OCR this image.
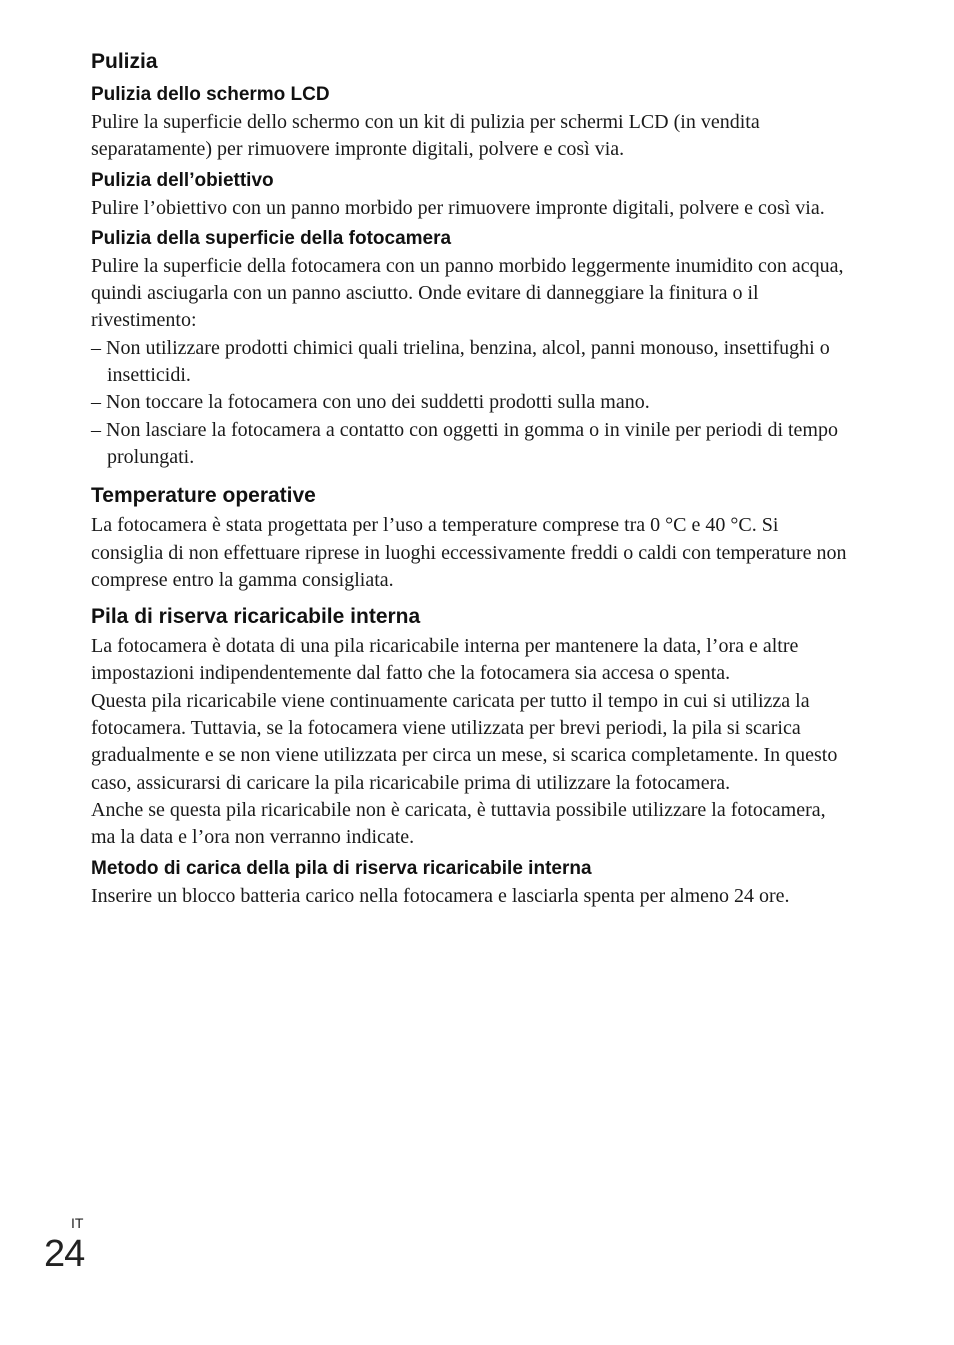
Pulizia
Pulizia dello schermo LCD

Pulire la superficie dello schermo con un kit di pulizia per schermi LCD (in vendita separatamente) per rimuovere impronte digitali, polvere e così via.

Pulizia dell’obiettivo

Pulire l’obiettivo con un panno morbido per rimuovere impronte digitali, polvere e così via.

Pulizia della superficie della fotocamera

Pulire la superficie della fotocamera con un panno morbido leggermente inumidito con acqua, quindi asciugarla con un panno asciutto. Onde evitare di danneggiare la finitura o il rivestimento:

– Non utilizzare prodotti chimici quali trielina, benzina, alcol, panni monouso, insettifughi o insetticidi.
– Non toccare la fotocamera con uno dei suddetti prodotti sulla mano.
– Non lasciare la fotocamera a contatto con oggetti in gomma o in vinile per periodi di tempo prolungati.
Temperature operative

La fotocamera è stata progettata per l’uso a temperature comprese tra 0 °C e 40 °C. Si consiglia di non effettuare riprese in luoghi eccessivamente freddi o caldi con temperature non comprese entro la gamma consigliata.

Pila di riserva ricaricabile interna

La fotocamera è dotata di una pila ricaricabile interna per mantenere la data, l’ora e altre impostazioni indipendentemente dal fatto che la fotocamera sia accesa o spenta.

Questa pila ricaricabile viene continuamente caricata per tutto il tempo in cui si utilizza la fotocamera. Tuttavia, se la fotocamera viene utilizzata per brevi periodi, la pila si scarica gradualmente e se non viene utilizzata per circa un mese, si scarica completamente. In questo caso, assicurarsi di caricare la pila ricaricabile prima di utilizzare la fotocamera.

Anche se questa pila ricaricabile non è caricata, è tuttavia possibile utilizzare la fotocamera, ma la data e l’ora non verranno indicate.

Metodo di carica della pila di riserva ricaricabile interna

Inserire un blocco batteria carico nella fotocamera e lasciarla spenta per almeno 24 ore.

IT
24
